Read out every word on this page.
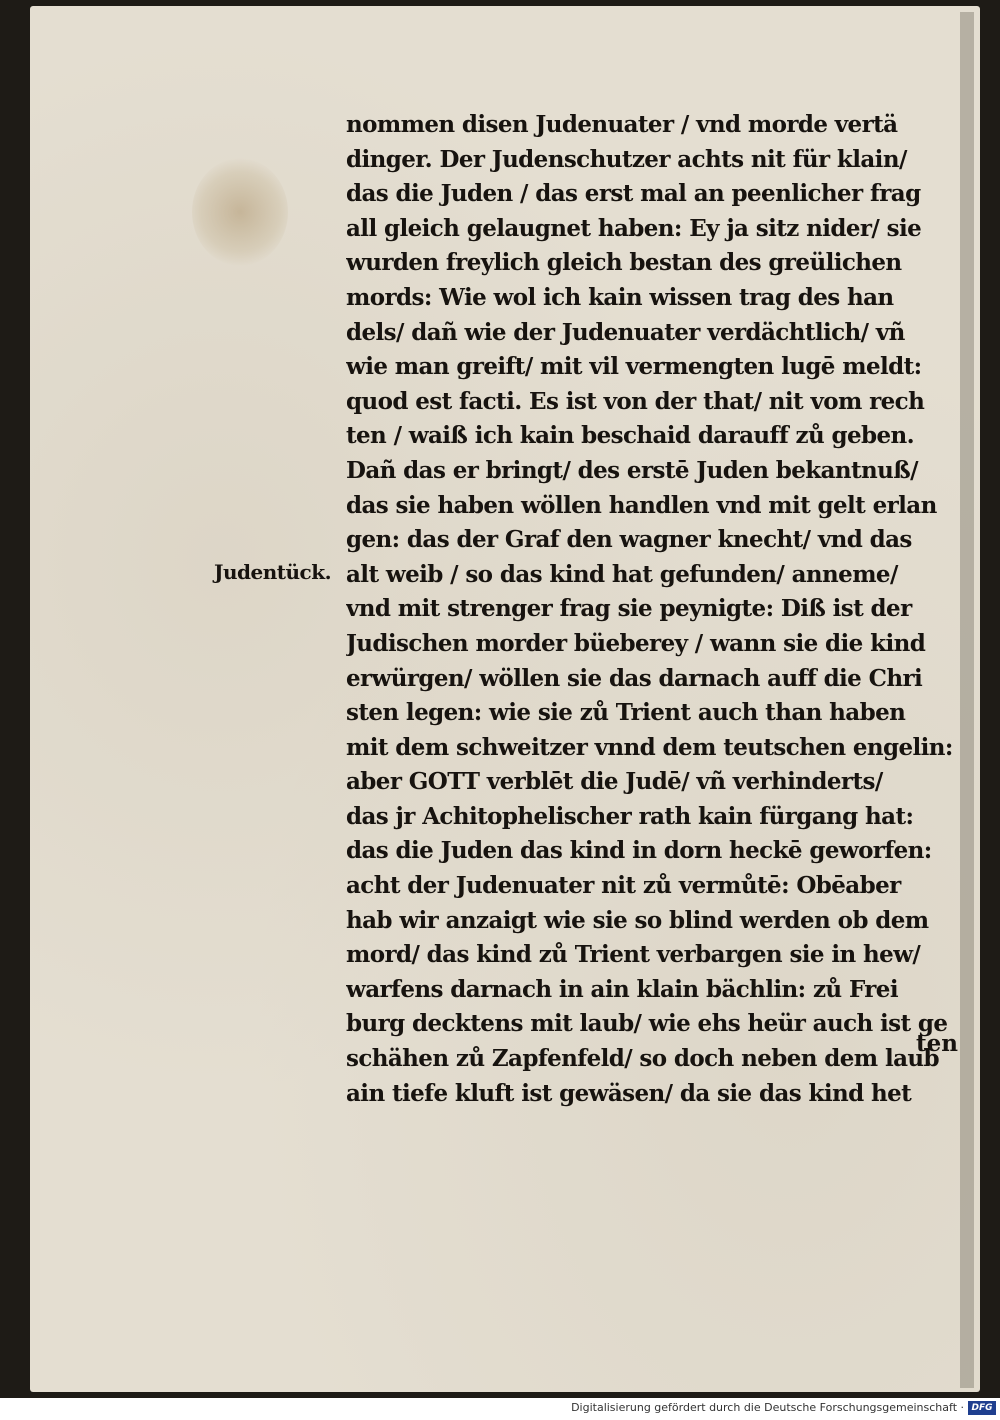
Judentück.
nommen disen Judenuater / vnd morde vertä
dinger. Der Judenschutzer achts nit für klain/
das die Juden / das erst mal an peenlicher frag
all gleich gelaugnet haben: Ey ja sitz nider/ sie
wurden freylich gleich bestan des greülichen
mords: Wie wol ich kain wissen trag des han
dels/ dañ wie der Judenuater verdächtlich/ vñ
wie man greift/ mit vil vermengten lugē meldt:
quod est facti. Es ist von der that/ nit vom rech
ten / waiß ich kain beschaid darauff zů geben.
Dañ das er bringt/ des erstē Juden bekantnuß/
das sie haben wöllen handlen vnd mit gelt erlan
gen: das der Graf den wagner knecht/ vnd das
alt weib / so das kind hat gefunden/ anneme/
vnd mit strenger frag sie peynigte: Diß ist der
Judischen morder büeberey / wann sie die kind
erwürgen/ wöllen sie das darnach auff die Chri
sten legen: wie sie zů Trient auch than haben
mit dem schweitzer vnnd dem teutschen engelin:
aber GOTT verblēt die Judē/ vñ verhinderts/
das jr Achitophelischer rath kain fürgang hat:
das die Juden das kind in dorn heckē geworfen:
acht der Judenuater nit zů vermůtē: Obēaber
hab wir anzaigt wie sie so blind werden ob dem
mord/ das kind zů Trient verbargen sie in hew/
warfens darnach in ain klain bächlin: zů Frei
burg decktens mit laub/ wie ehs heür auch ist ge
schähen zů Zapfenfeld/ so doch neben dem laub
ain tiefe kluft ist gewäsen/ da sie das kind het
ten
Digitalisierung gefördert durch die Deutsche Forschungsgemeinschaft · DFG
